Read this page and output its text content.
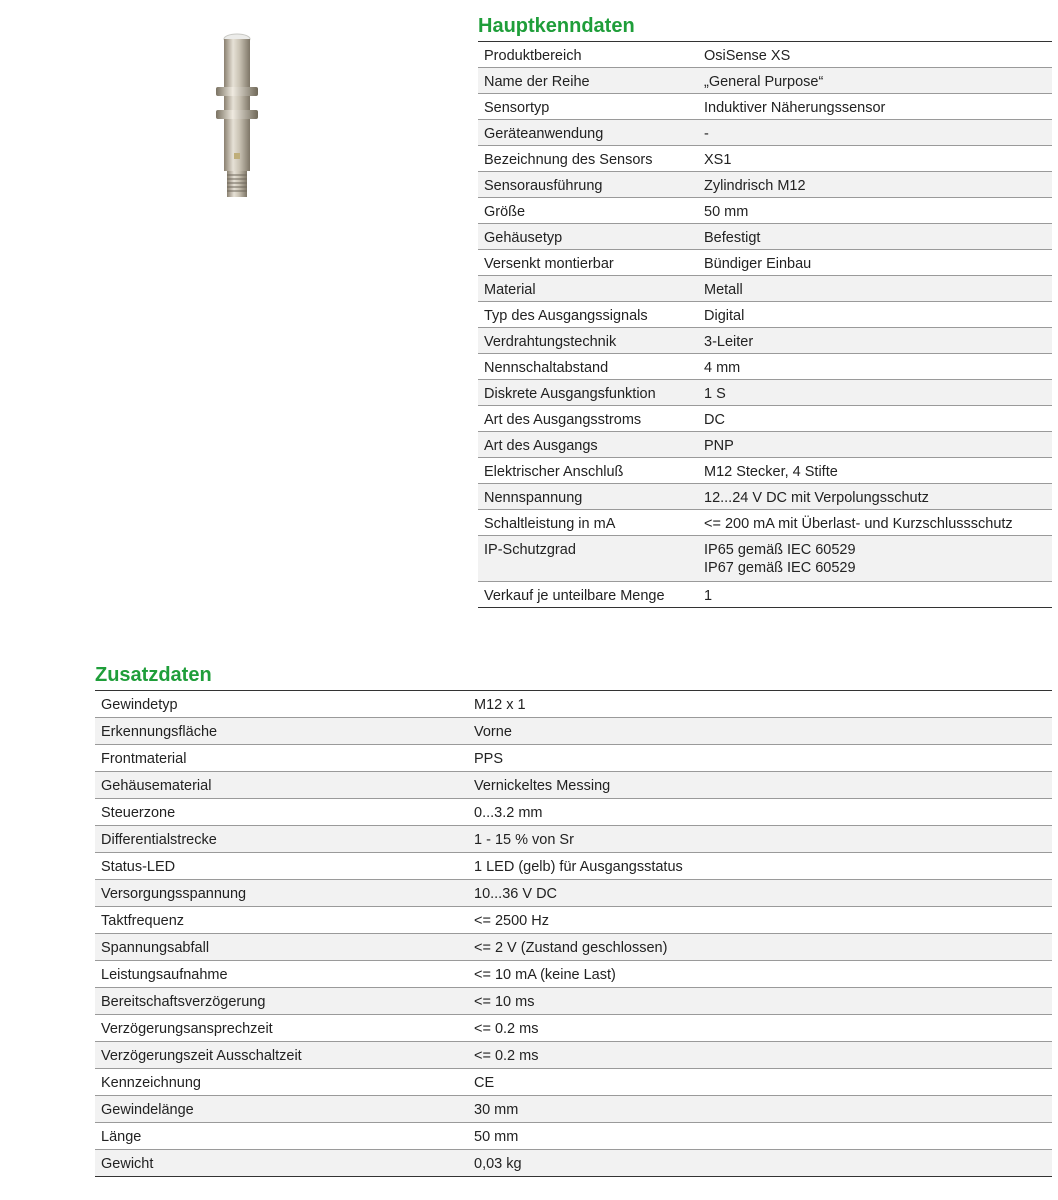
Hauptkenndaten
Produktbereich	OsiSense XS

Name der Reihe	„General Purpose“

Sensortyp	Induktiver Näherungssensor

Geräteanwendung	-

Bezeichnung des Sensors	XS1

Sensorausführung	Zylindrisch M12

Größe	50 mm

Gehäusetyp	Befestigt

Versenkt montierbar	Bündiger Einbau

Material	Metall

Typ des Ausgangssignals	Digital

Verdrahtungstechnik	3-Leiter

Nennschaltabstand	4 mm

Diskrete Ausgangsfunktion	1 S

Art des Ausgangsstroms	DC

Art des Ausgangs	PNP

Elektrischer Anschluß	M12 Stecker, 4 Stifte

Nennspannung	12...24 V DC mit Verpolungsschutz

Schaltleistung in mA	<= 200 mA mit Überlast- und Kurzschlussschutz

IP-Schutzgrad	IP65 gemäß IEC 60529
IP67 gemäß IEC 60529

Verkauf je unteilbare Menge	1
Zusatzdaten
Gewindetyp	M12 x 1

Erkennungsfläche	Vorne

Frontmaterial	PPS

Gehäusematerial	Vernickeltes Messing

Steuerzone	0...3.2 mm

Differentialstrecke	1 - 15 % von Sr

Status-LED	1 LED (gelb) für Ausgangsstatus

Versorgungsspannung	10...36 V DC

Taktfrequenz	<= 2500 Hz

Spannungsabfall	<= 2 V (Zustand geschlossen)

Leistungsaufnahme	<= 10 mA (keine Last)

Bereitschaftsverzögerung	<= 10 ms

Verzögerungsansprechzeit	<= 0.2 ms

Verzögerungszeit Ausschaltzeit	<= 0.2 ms

Kennzeichnung	CE

Gewindelänge	30 mm

Länge	50 mm

Gewicht	0,03 kg
